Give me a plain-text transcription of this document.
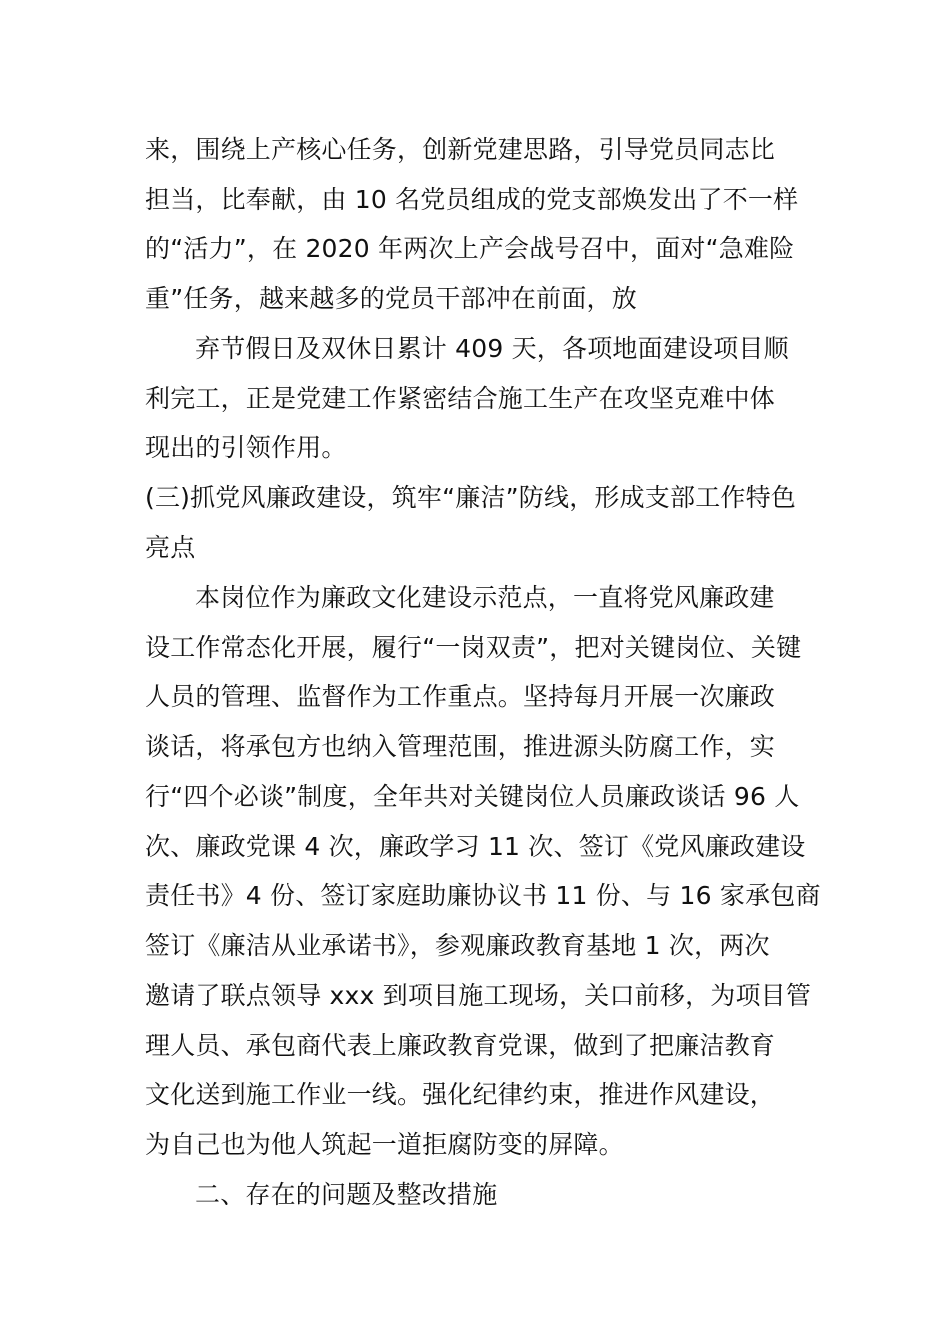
来，围绕上产核心任务，创新党建思路，引导党员同志比
担当，比奉献，由 10 名党员组成的党支部焕发出了不一样
的“活力”，在 2020 年两次上产会战号召中，面对“急难险
重”任务，越来越多的党员干部冲在前面，放
弃节假日及双休日累计 409 天，各项地面建设项目顺
利完工，正是党建工作紧密结合施工生产在攻坚克难中体
现出的引领作用。
(三)抓党风廉政建设，筑牢“廉洁”防线，形成支部工作特色
亮点
本岗位作为廉政文化建设示范点，一直将党风廉政建
设工作常态化开展，履行“一岗双责”，把对关键岗位、关键
人员的管理、监督作为工作重点。坚持每月开展一次廉政
谈话，将承包方也纳入管理范围，推进源头防腐工作，实
行“四个必谈”制度，全年共对关键岗位人员廉政谈话 96 人
次、廉政党课 4 次，廉政学习 11 次、签订《党风廉政建设
责任书》4 份、签订家庭助廉协议书 11 份、与 16 家承包商
签订《廉洁从业承诺书》，参观廉政教育基地 1 次，两次
邀请了联点领导 xxx 到项目施工现场，关口前移，为项目管
理人员、承包商代表上廉政教育党课，做到了把廉洁教育
文化送到施工作业一线。强化纪律约束，推进作风建设，
为自己也为他人筑起一道拒腐防变的屏障。
二、存在的问题及整改措施
